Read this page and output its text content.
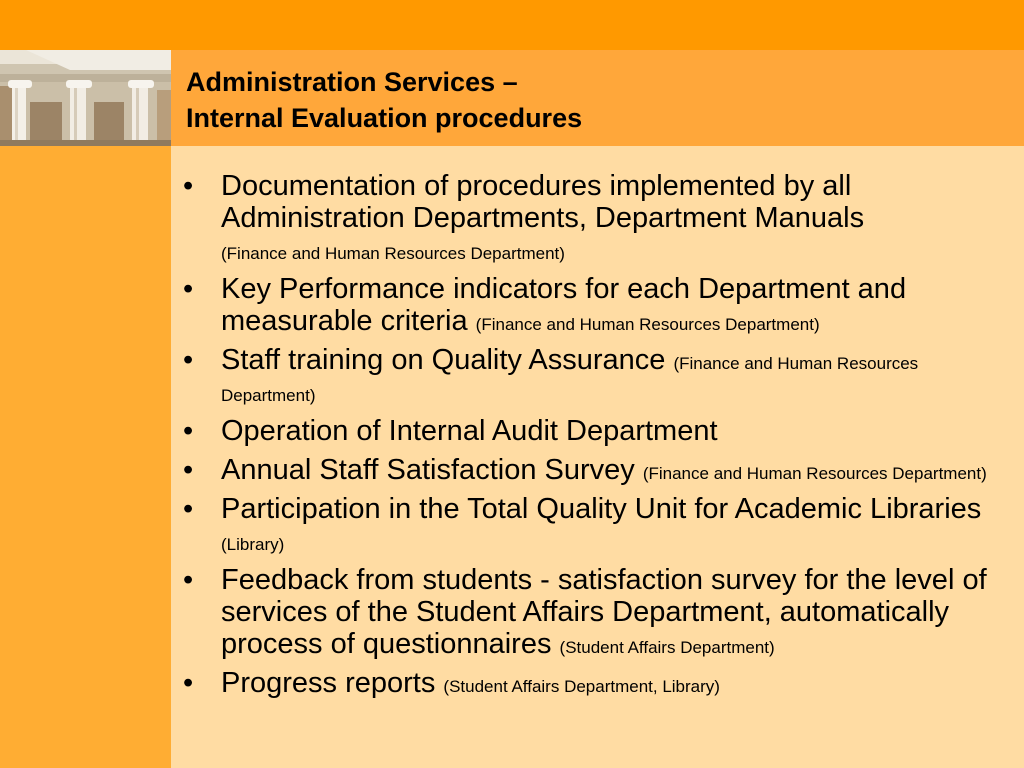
Administration Services –
Internal Evaluation procedures
• Documentation of procedures implemented by all Administration Departments, Department Manuals
(Finance and Human Resources Department)
• Key Performance indicators for each Department and measurable criteria (Finance and Human Resources Department)
• Staff training on Quality Assurance (Finance and Human Resources Department)
• Operation of Internal Audit Department
• Annual Staff Satisfaction Survey (Finance and Human Resources Department)
• Participation in the Total Quality Unit for Academic Libraries (Library)
• Feedback from students - satisfaction survey for the level of services of the Student Affairs Department, automatically process of questionnaires (Student Affairs Department)
• Progress reports (Student Affairs Department, Library)
